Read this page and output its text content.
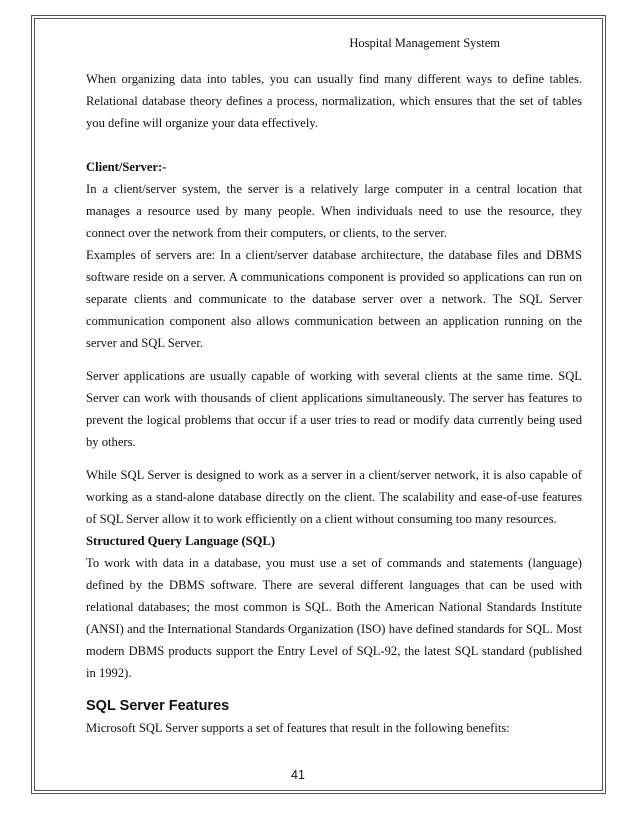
Hospital Management System

When organizing data into tables, you can usually find many different ways to define tables. Relational database theory defines a process, normalization, which ensures that the set of tables you define will organize your data effectively.

Client/Server:-

In a client/server system, the server is a relatively large computer in a central location that manages a resource used by many people. When individuals need to use the resource, they connect over the network from their computers, or clients, to the server.

Examples of servers are: In a client/server database architecture, the database files and DBMS software reside on a server. A communications component is provided so applications can run on separate clients and communicate to the database server over a network. The SQL Server communication component also allows communication between an application running on the server and SQL Server.

Server applications are usually capable of working with several clients at the same time. SQL Server can work with thousands of client applications simultaneously. The server has features to prevent the logical problems that occur if a user tries to read or modify data currently being used by others.

While SQL Server is designed to work as a server in a client/server network, it is also capable of working as a stand-alone database directly on the client. The scalability and ease-of-use features of SQL Server allow it to work efficiently on a client without consuming too many resources.

Structured Query Language (SQL)

To work with data in a database, you must use a set of commands and statements (language) defined by the DBMS software. There are several different languages that can be used with relational databases; the most common is SQL. Both the American National Standards Institute (ANSI) and the International Standards Organization (ISO) have defined standards for SQL. Most modern DBMS products support the Entry Level of SQL-92, the latest SQL standard (published in 1992).

SQL Server Features

Microsoft SQL Server supports a set of features that result in the following benefits:

41
